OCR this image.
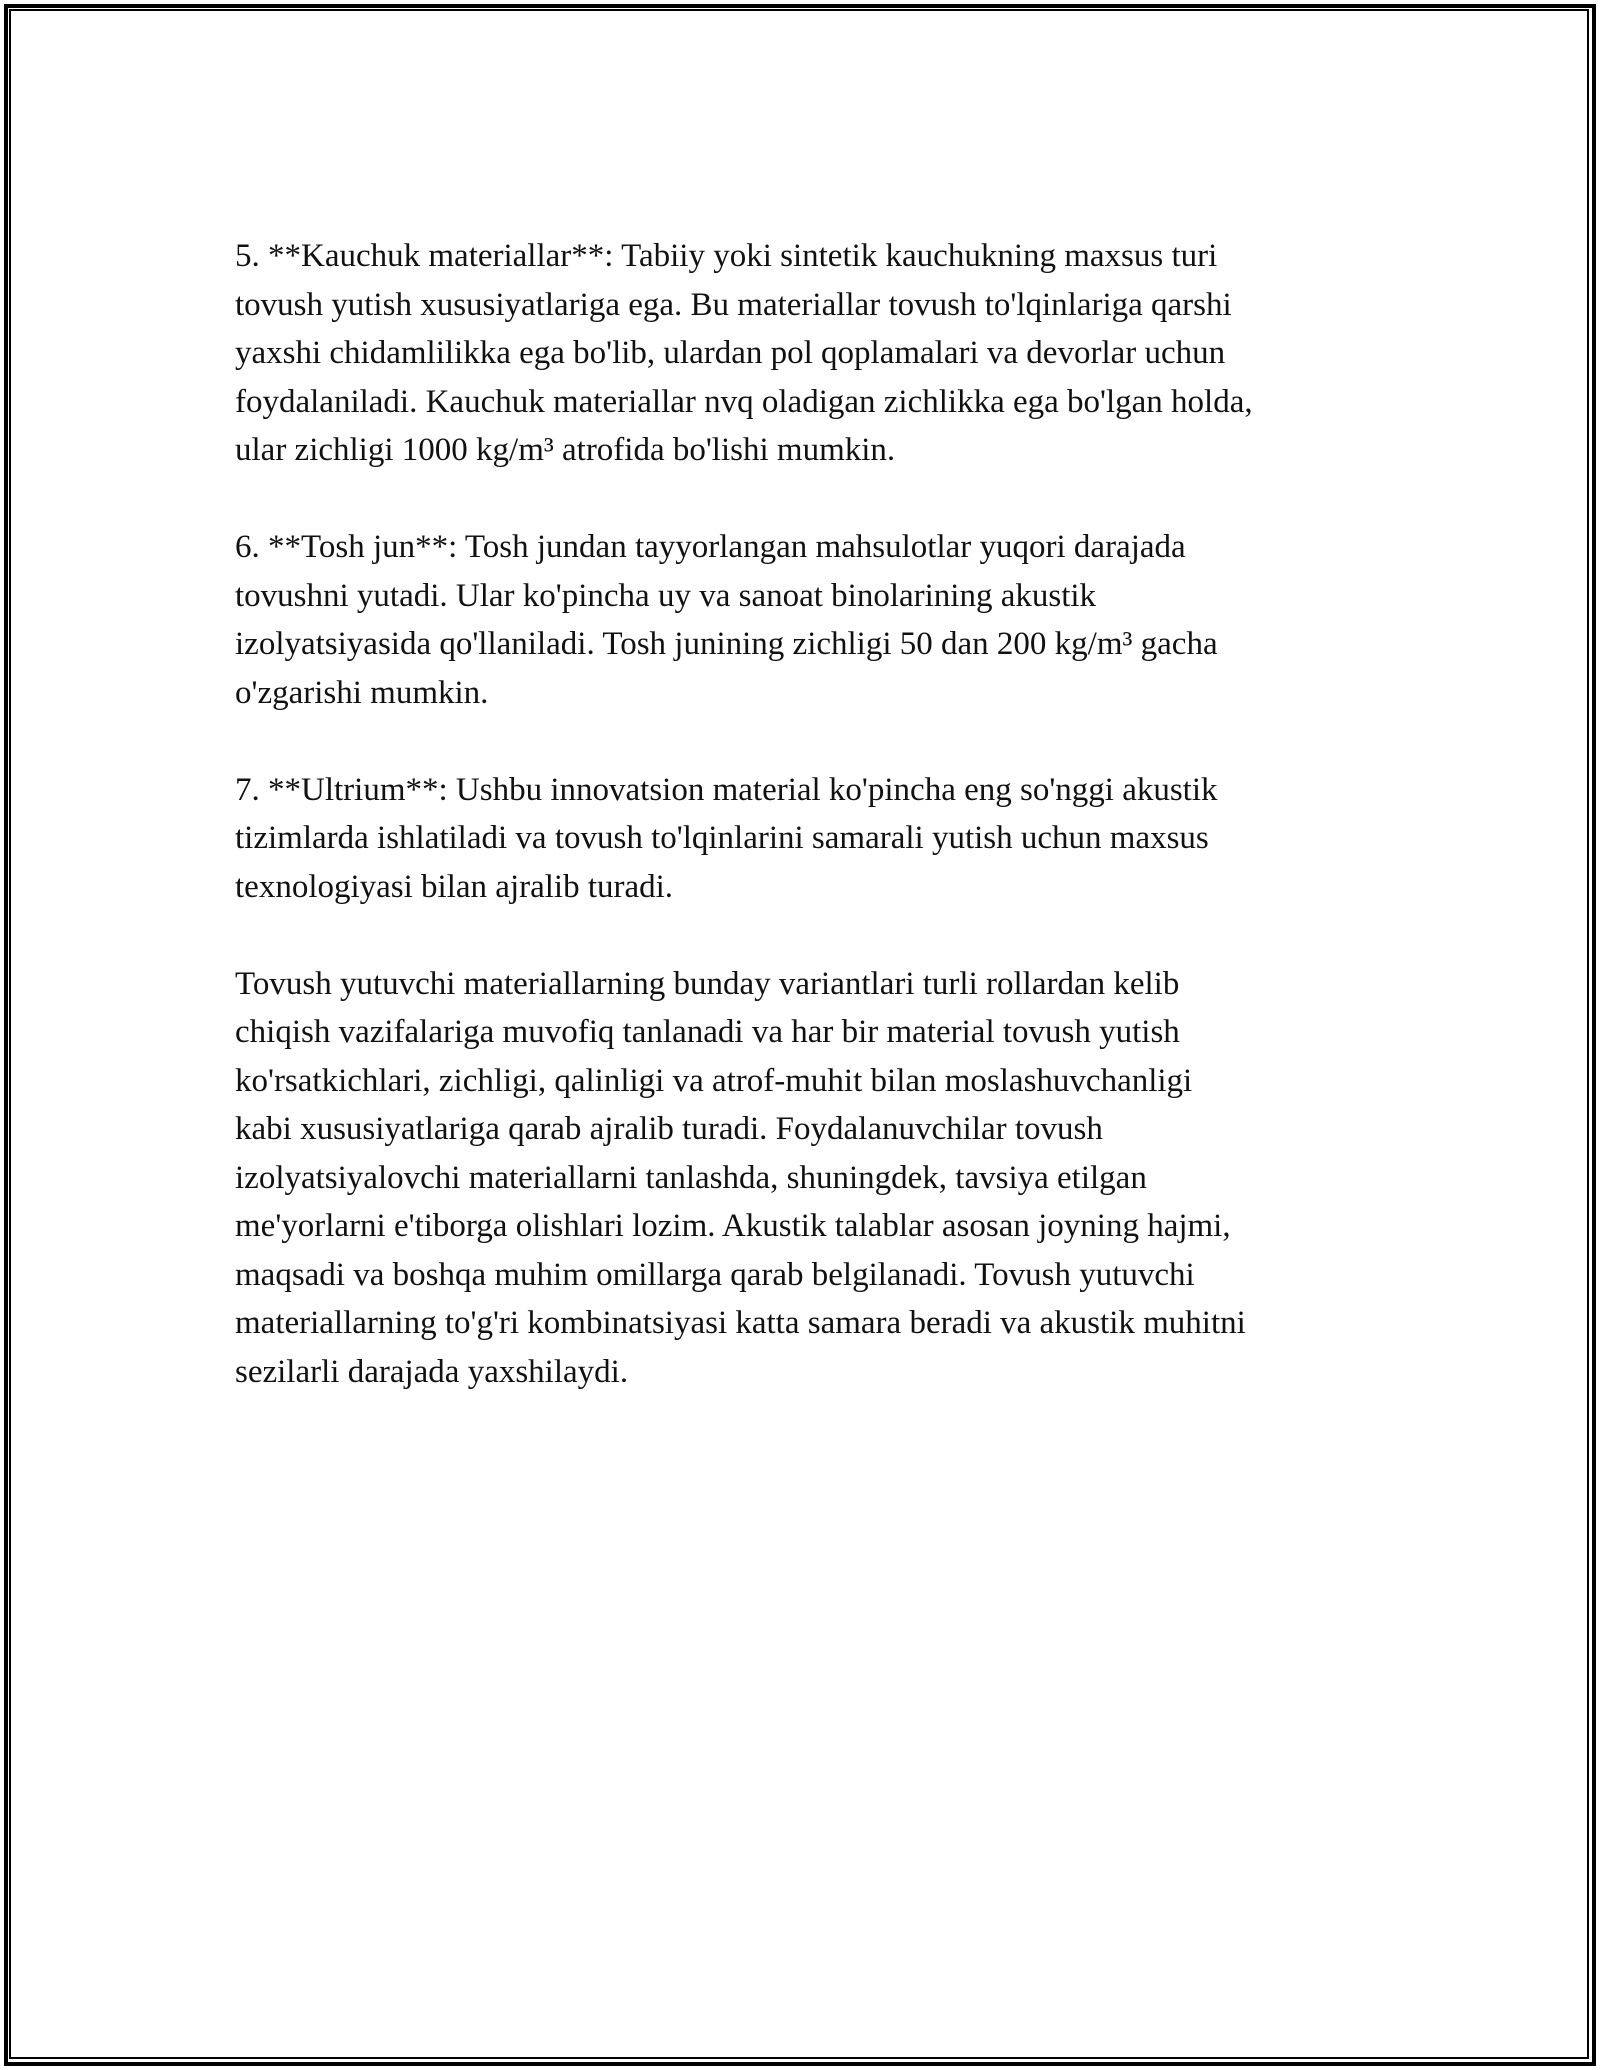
5. **Kauchuk materiallar**: Tabiiy yoki sintetik kauchukning maxsus turi
tovush yutish xususiyatlariga ega. Bu materiallar tovush to'lqinlariga qarshi
yaxshi chidamlilikka ega bo'lib, ulardan pol qoplamalari va devorlar uchun
foydalaniladi. Kauchuk materiallar nvq oladigan zichlikka ega bo'lgan holda,
ular zichligi 1000 kg/m³ atrofida bo'lishi mumkin.

6. **Tosh jun**: Tosh jundan tayyorlangan mahsulotlar yuqori darajada
tovushni yutadi. Ular ko'pincha uy va sanoat binolarining akustik
izolyatsiyasida qo'llaniladi. Tosh junining zichligi 50 dan 200 kg/m³ gacha
o'zgarishi mumkin.

7. **Ultrium**: Ushbu innovatsion material ko'pincha eng so'nggi akustik
tizimlarda ishlatiladi va tovush to'lqinlarini samarali yutish uchun maxsus
texnologiyasi bilan ajralib turadi.

Tovush yutuvchi materiallarning bunday variantlari turli rollardan kelib
chiqish vazifalariga muvofiq tanlanadi va har bir material tovush yutish
ko'rsatkichlari, zichligi, qalinligi va atrof-muhit bilan moslashuvchanligi
kabi xususiyatlariga qarab ajralib turadi. Foydalanuvchilar tovush
izolyatsiyalovchi materiallarni tanlashda, shuningdek, tavsiya etilgan
me'yorlarni e'tiborga olishlari lozim. Akustik talablar asosan joyning hajmi,
maqsadi va boshqa muhim omillarga qarab belgilanadi. Tovush yutuvchi
materiallarning to'g'ri kombinatsiyasi katta samara beradi va akustik muhitni
sezilarli darajada yaxshilaydi.
